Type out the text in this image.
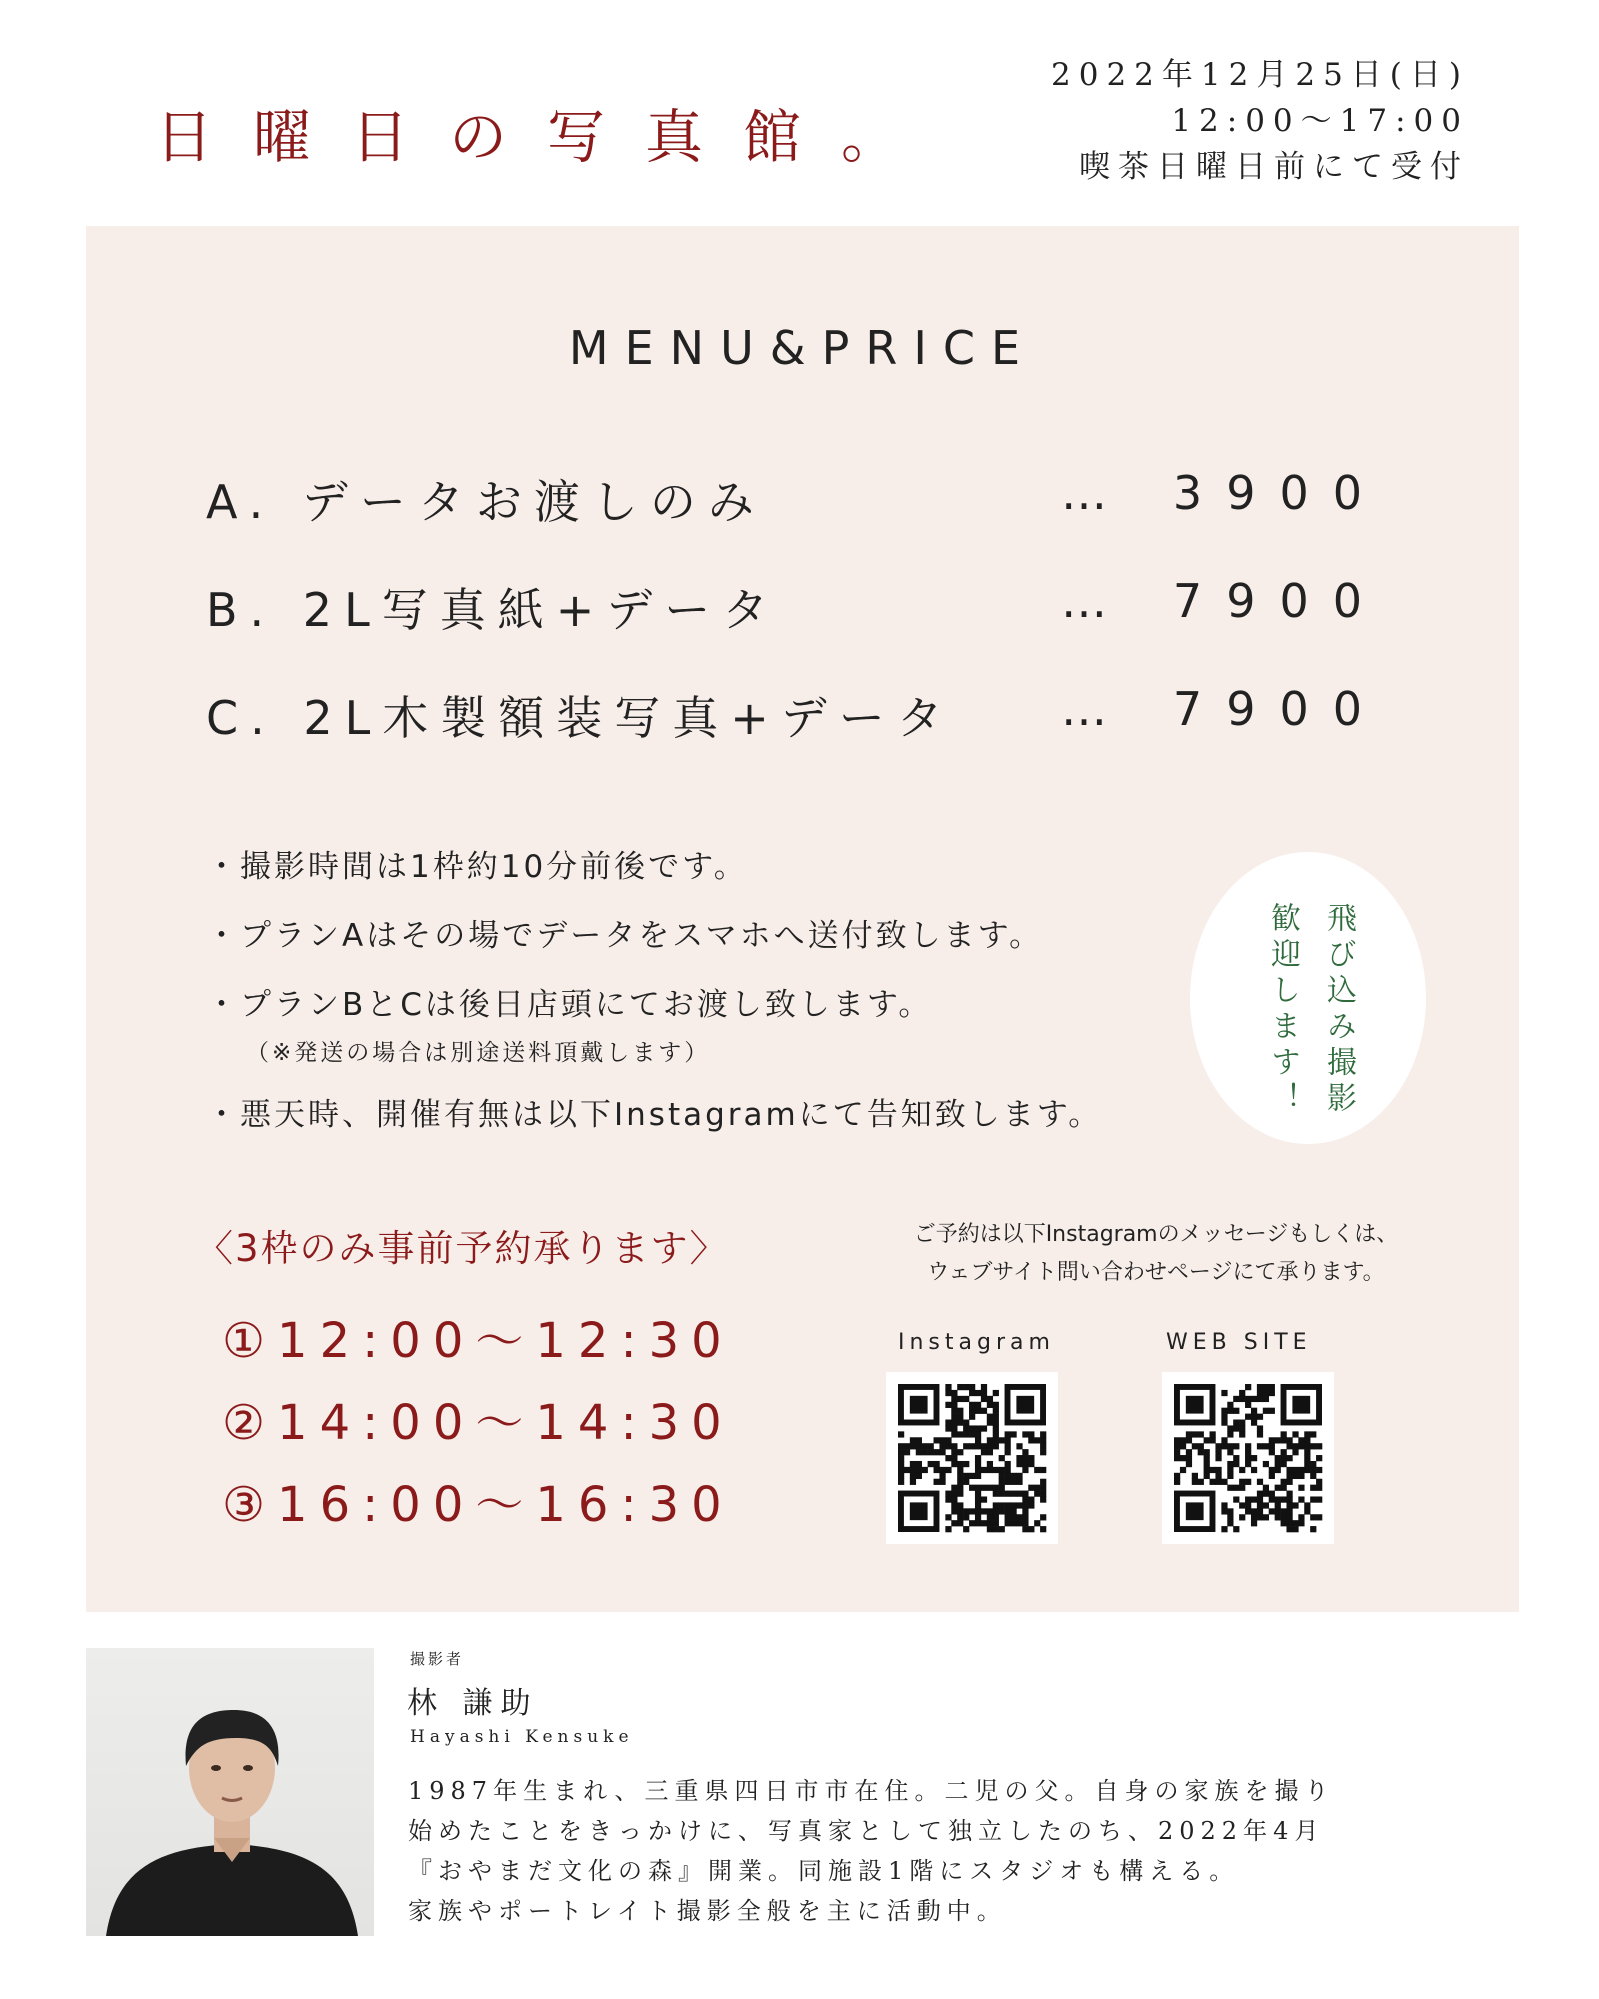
日曜日の写真館。
2022年12月25日(日)
12:00〜17:00
喫茶日曜日前にて受付
MENU&PRICE
A. データお渡しのみ	… 3900
B. 2L写真紙+データ	… 7900
C. 2L木製額装写真+データ … 7900
・撮影時間は1枠約10分前後です。
・プランAはその場でデータをスマホへ送付致します。
・プランBとCは後日店頭にてお渡し致します。
（※発送の場合は別途送料頂戴します）
・悪天時、開催有無は以下Instagramにて告知致します。	飛び込み撮影
歓迎します！
〈3枠のみ事前予約承ります〉
①12:00〜12:30
②14:00〜14:30
③16:00〜16:30
ご予約は以下Instagramのメッセージもしくは、
ウェブサイト問い合わせページにて承ります。
Instagram	WEB SITE
撮影者
林 謙助
Hayashi Kensuke
1987年生まれ、三重県四日市市在住。二児の父。自身の家族を撮り
始めたことをきっかけに、写真家として独立したのち、2022年4月
『おやまだ文化の森』開業。同施設1階にスタジオも構える。
家族やポートレイト撮影全般を主に活動中。
